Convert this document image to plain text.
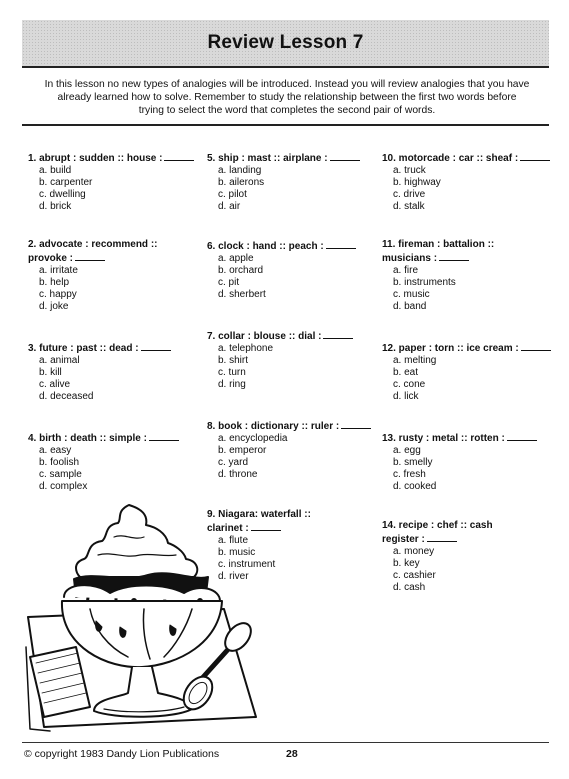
Review Lesson 7

In this lesson no new types of analogies will be introduced. Instead you will review analogies that you have already learned how to solve. Remember to study the relationship between the first two words before trying to select the word that completes the second pair of words.

1. abrupt : sudden :: house :
a. build
b. carpenter
c. dwelling
d. brick
2. advocate : recommend :: provoke :
a. irritate
b. help
c. happy
d. joke
3. future : past :: dead :
a. animal
b. kill
c. alive
d. deceased
4. birth : death :: simple :
a. easy
b. foolish
c. sample
d. complex
5. ship : mast :: airplane :
a. landing
b. ailerons
c. pilot
d. air
6. clock : hand :: peach :
a. apple
b. orchard
c. pit
d. sherbert
7. collar : blouse :: dial :
a. telephone
b. shirt
c. turn
d. ring
8. book : dictionary :: ruler :
a. encyclopedia
b. emperor
c. yard
d. throne
9. Niagara: waterfall :: clarinet :
a. flute
b. music
c. instrument
d. river
10. motorcade : car :: sheaf :
a. truck
b. highway
c. drive
d. stalk
11. fireman : battalion :: musicians :
a. fire
b. instruments
c. music
d. band
12. paper : torn :: ice cream :
a. melting
b. eat
c. cone
d. lick
13. rusty : metal :: rotten :
a. egg
b. smelly
c. fresh
d. cooked
14. recipe : chef :: cash register :
a. money
b. key
c. cashier
d. cash
© copyright 1983 Dandy Lion Publications	28
